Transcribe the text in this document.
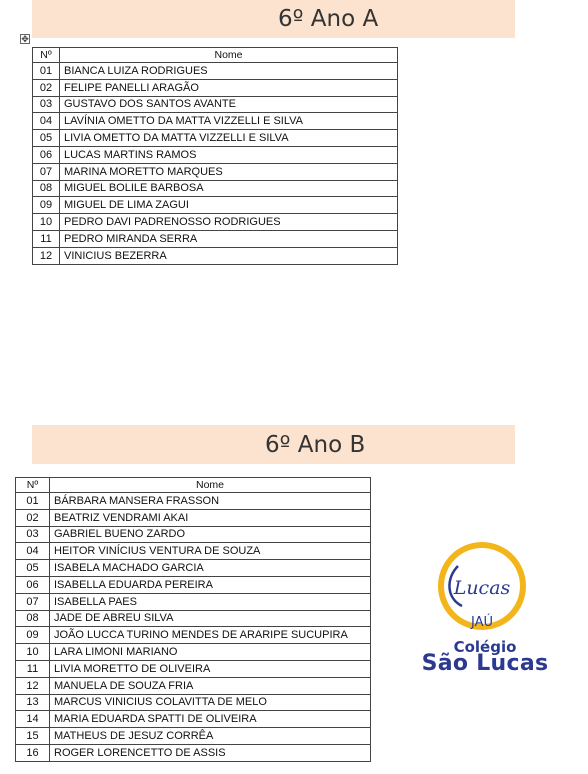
6º Ano A
✥
Nº	Nome
01	BIANCA LUIZA RODRIGUES
02	FELIPE PANELLI ARAGÃO
03	GUSTAVO DOS SANTOS AVANTE
04	LAVÍNIA OMETTO DA MATTA VIZZELLI E SILVA
05	LIVIA OMETTO DA MATTA VIZZELLI E SILVA
06	LUCAS MARTINS RAMOS
07	MARINA MORETTO MARQUES
08	MIGUEL BOLILE BARBOSA
09	MIGUEL DE LIMA ZAGUI
10	PEDRO DAVI PADRENOSSO RODRIGUES
11	PEDRO MIRANDA SERRA
12	VINICIUS BEZERRA
6º Ano B
Nº	Nome
01	BÁRBARA MANSERA FRASSON
02	BEATRIZ VENDRAMI AKAI
03	GABRIEL BUENO ZARDO
04	HEITOR VINÍCIUS VENTURA DE SOUZA
05	ISABELA MACHADO GARCIA
06	ISABELLA EDUARDA PEREIRA
07	ISABELLA PAES
08	JADE DE ABREU SILVA
09	JOÃO LUCCA TURINO MENDES DE ARARIPE SUCUPIRA
10	LARA LIMONI MARIANO
11	LIVIA MORETTO DE OLIVEIRA
12	MANUELA DE SOUZA FRIA
13	MARCUS VINICIUS COLAVITTA DE MELO
14	MARIA EDUARDA SPATTI DE OLIVEIRA
15	MATHEUS DE JESUZ CORRÊA
16	ROGER LORENCETTO DE ASSIS
Lucas
JAÚ
Colégio
São Lucas
